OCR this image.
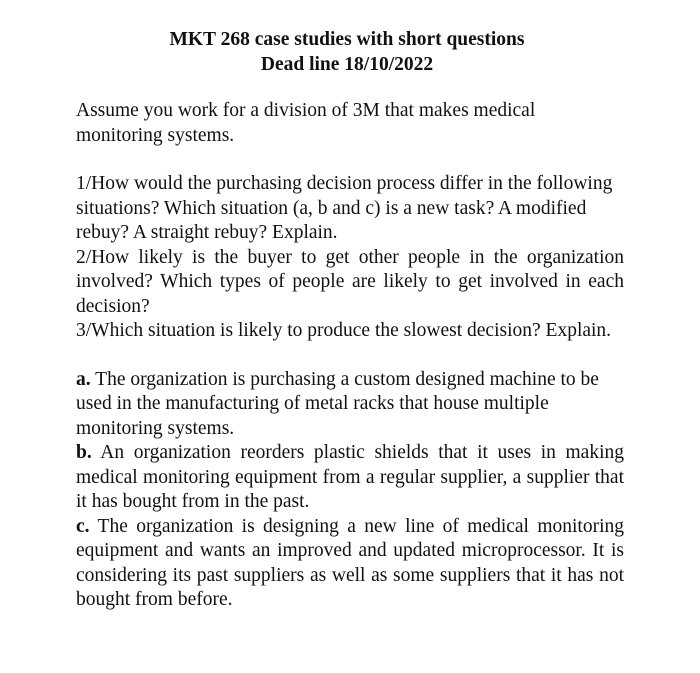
MKT 268 case studies with short questions
Dead line 18/10/2022

Assume you work for a division of 3M that makes medical monitoring systems.

1/How would the purchasing decision process differ in the following situations? Which situation (a, b and c) is a new task? A modified rebuy? A straight rebuy? Explain.

2/How likely is the buyer to get other people in the organization involved? Which types of people are likely to get involved in each decision?

3/Which situation is likely to produce the slowest decision? Explain.

a. The organization is purchasing a custom designed machine to be used in the manufacturing of metal racks that house multiple monitoring systems.

b. An organization reorders plastic shields that it uses in making medical monitoring equipment from a regular supplier, a supplier that it has bought from in the past.

c. The organization is designing a new line of medical monitoring equipment and wants an improved and updated microprocessor. It is considering its past suppliers as well as some suppliers that it has not bought from before.
